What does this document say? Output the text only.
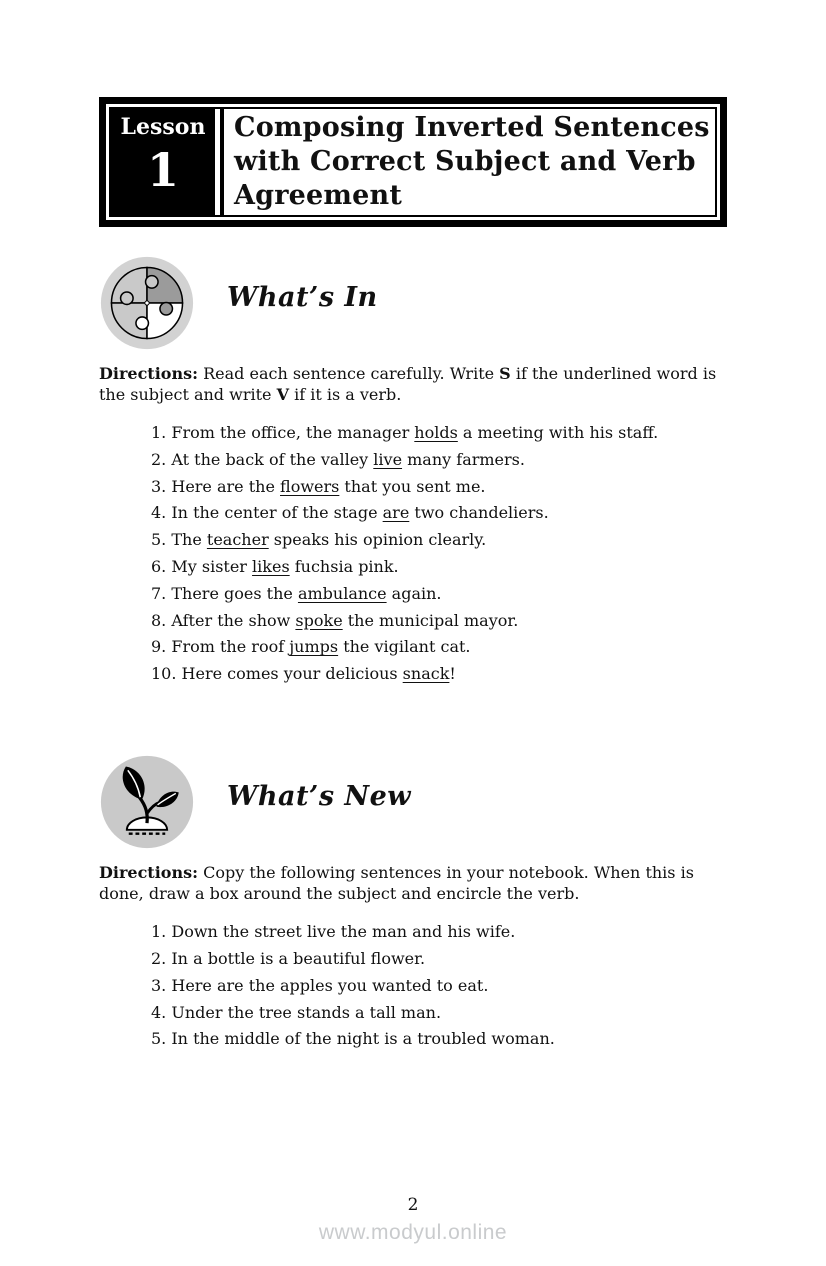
Lesson
1
Composing Inverted Sentences with Correct Subject and Verb Agreement
What’s In

Directions: Read each sentence carefully. Write S if the underlined word is the subject and write V if it is a verb.

1. From the office, the manager holds a meeting with his staff.
2. At the back of the valley live many farmers.
3. Here are the flowers that you sent me.
4. In the center of the stage are two chandeliers.
5. The teacher speaks his opinion clearly.
6. My sister likes fuchsia pink.
7. There goes the ambulance again.
8. After the show spoke the municipal mayor.
9. From the roof jumps the vigilant cat.
10. Here comes your delicious snack!
What’s New

Directions: Copy the following sentences in your notebook. When this is done, draw a box around the subject and encircle the verb.

1. Down the street live the man and his wife.
2. In a bottle is a beautiful flower.
3. Here are the apples you wanted to eat.
4. Under the tree stands a tall man.
5. In the middle of the night is a troubled woman.
2
www.modyul.online
